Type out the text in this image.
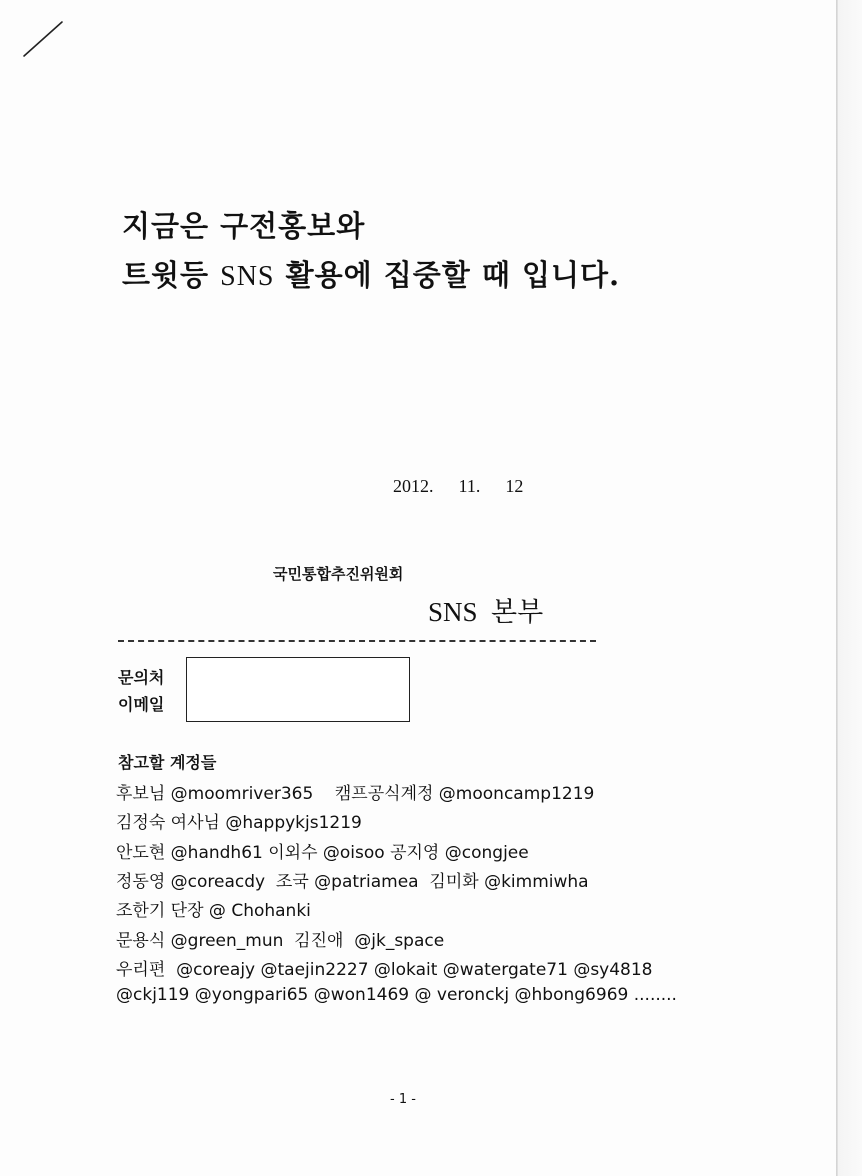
지금은 구전홍보와
트윗등 SNS 활용에 집중할 때 입니다.
2012.  11.  12
국민통합추진위원회
SNS  본부
문의처
이메일
참고할 계정들
후보님 @moomriver365    캠프공식계정 @mooncamp1219
김정숙 여사님 @happykjs1219
안도현 @handh61 이외수 @oisoo 공지영 @congjee
정동영 @coreacdy  조국 @patriamea  김미화 @kimmiwha
조한기 단장 @ Chohanki
문용식 @green_mun  김진애  @jk_space
우리편  @coreajy @taejin2227 @lokait @watergate71 @sy4818
@ckj119 @yongpari65 @won1469 @ veronckj @hbong6969 ........
- 1 -
